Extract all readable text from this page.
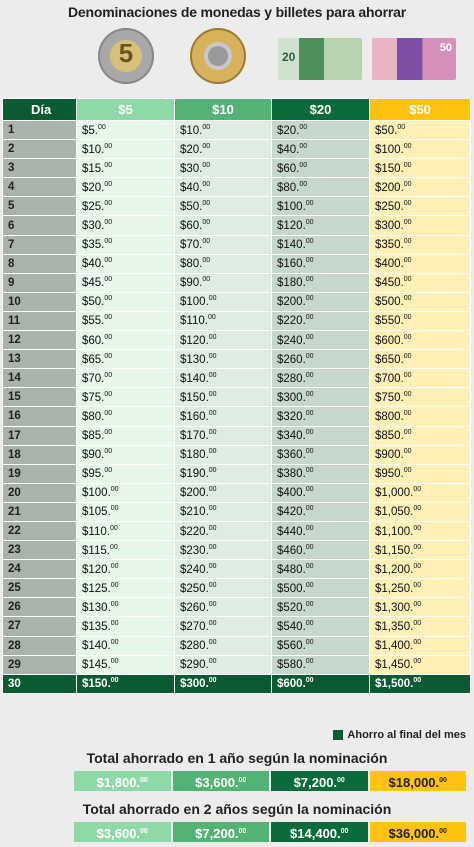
Denominaciones de monedas y billetes para ahorrar
5	20
50
Día	$5	$10	$20	$50
1	$5.00	$10.00	$20.00	$50.00
2	$10.00	$20.00	$40.00	$100.00
3	$15.00	$30.00	$60.00	$150.00
4	$20.00	$40.00	$80.00	$200.00
5	$25.00	$50.00	$100.00	$250.00
6	$30.00	$60.00	$120.00	$300.00
7	$35.00	$70.00	$140.00	$350.00
8	$40.00	$80.00	$160.00	$400.00
9	$45.00	$90.00	$180.00	$450.00
10	$50.00	$100.00	$200.00	$500.00
11	$55.00	$110.00	$220.00	$550.00
12	$60.00	$120.00	$240.00	$600.00
13	$65.00	$130.00	$260.00	$650.00
14	$70.00	$140.00	$280.00	$700.00
15	$75.00	$150.00	$300.00	$750.00
16	$80.00	$160.00	$320.00	$800.00
17	$85.00	$170.00	$340.00	$850.00
18	$90.00	$180.00	$360.00	$900.00
19	$95.00	$190.00	$380.00	$950.00
20	$100.00	$200.00	$400.00	$1,000.00
21	$105.00	$210.00	$420.00	$1,050.00
22	$110.00	$220.00	$440.00	$1,100.00
23	$115.00	$230.00	$460.00	$1,150.00
24	$120.00	$240.00	$480.00	$1,200.00
25	$125.00	$250.00	$500.00	$1,250.00
26	$130.00	$260.00	$520.00	$1,300.00
27	$135.00	$270.00	$540.00	$1,350.00
28	$140.00	$280.00	$560.00	$1,400.00
29	$145.00	$290.00	$580.00	$1,450.00
30	$150.00	$300.00	$600.00	$1,500.00
Ahorro al final del mes
Total ahorrado en 1 año según la nominación
$1,800.00	$3,600.00	$7,200.00	$18,000.00
Total ahorrado en 2 años según la nominación
$3,600.00	$7,200.00	$14,400.00	$36,000.00
